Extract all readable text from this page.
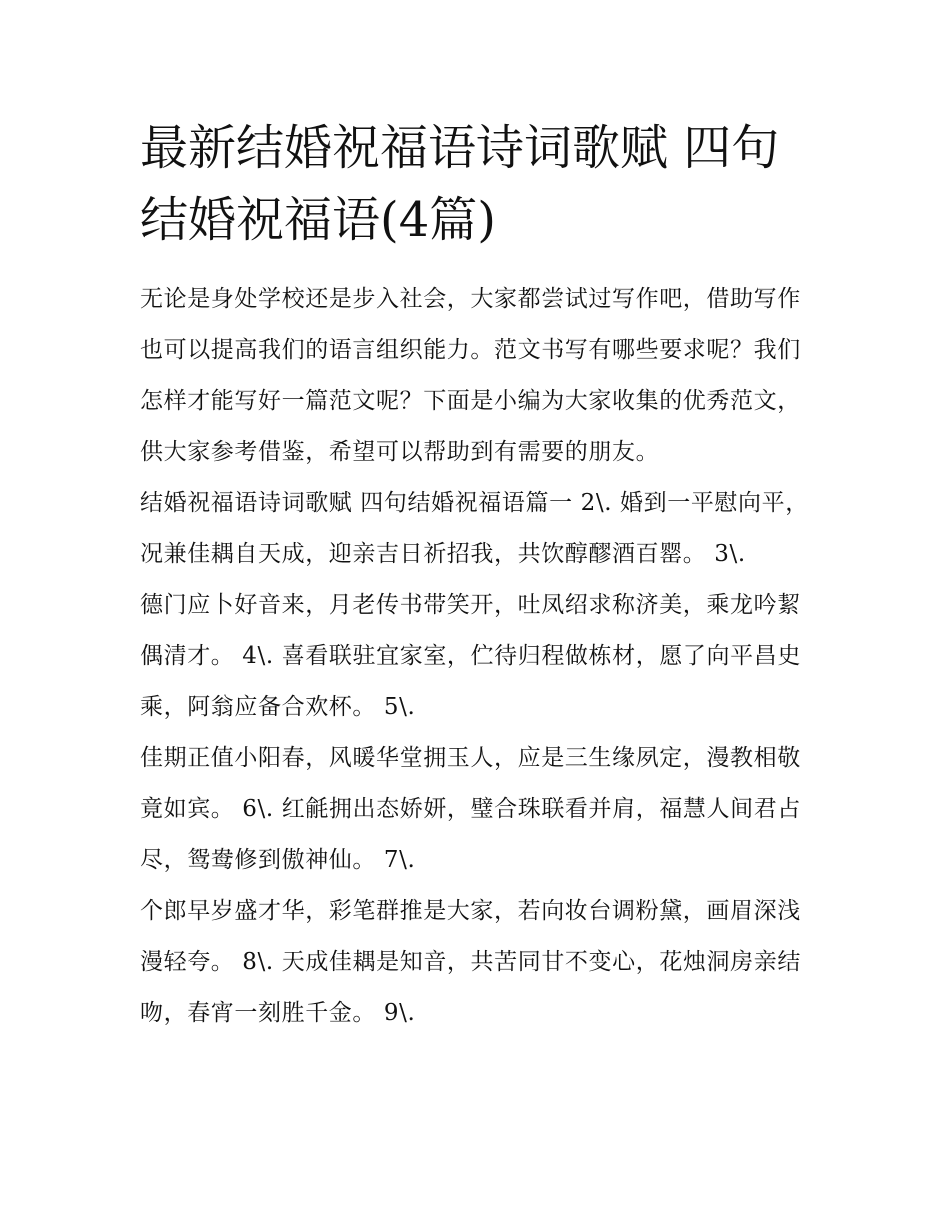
最新结婚祝福语诗词歌赋 四句结婚祝福语(4篇)

无论是身处学校还是步入社会，大家都尝试过写作吧，借助写作也可以提高我们的语言组织能力。范文书写有哪些要求呢？我们怎样才能写好一篇范文呢？下面是小编为大家收集的优秀范文，供大家参考借鉴，希望可以帮助到有需要的朋友。

结婚祝福语诗词歌赋 四句结婚祝福语篇一 2\. 婚到一平慰向平，况兼佳耦自天成，迎亲吉日祈招我，共饮醇醪酒百罂。 3\.

德门应卜好音来，月老传书带笑开，吐凤绍求称济美，乘龙吟絜偶清才。 4\. 喜看联驻宜家室，伫待归程做栋材，愿了向平昌史乘，阿翁应备合欢杯。 5\.

佳期正值小阳春，风暖华堂拥玉人，应是三生缘夙定，漫教相敬竟如宾。 6\. 红毹拥出态娇妍，璧合珠联看并肩，福慧人间君占尽，鸳鸯修到傲神仙。 7\.

个郎早岁盛才华，彩笔群推是大家，若向妆台调粉黛，画眉深浅漫轻夸。 8\. 天成佳耦是知音，共苦同甘不变心，花烛洞房亲结吻，春宵一刻胜千金。 9\.
